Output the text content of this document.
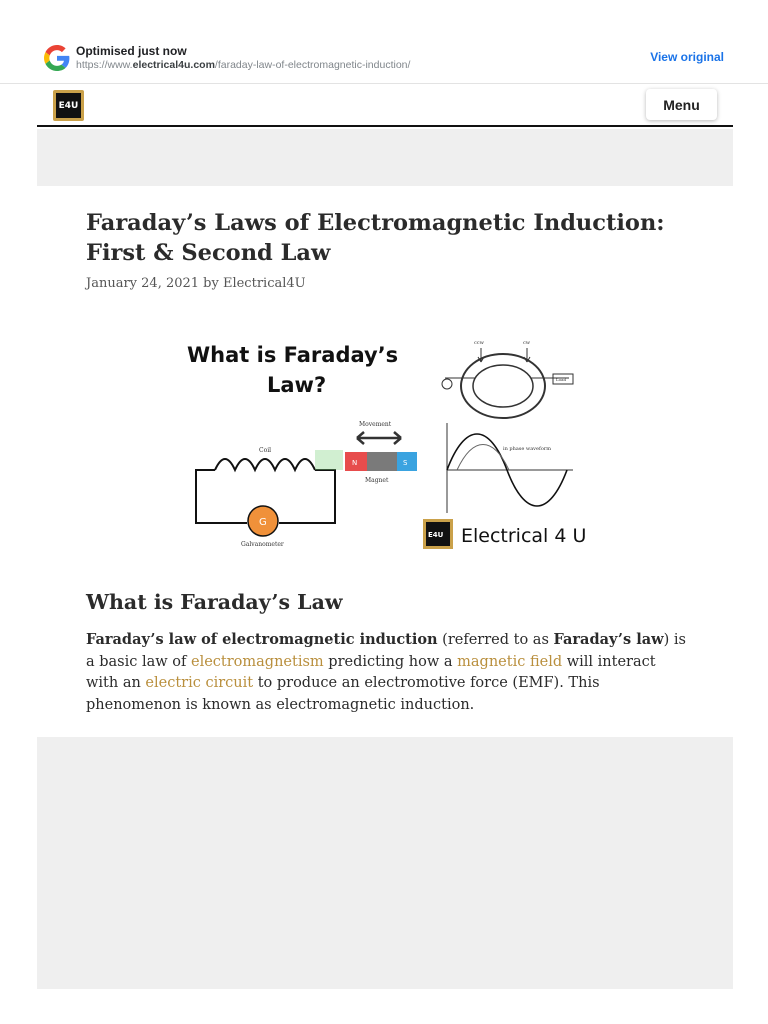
Optimised just now
https://www.electrical4u.com/faraday-law-of-electromagnetic-induction/
View original
E4U	Menu
Faraday’s Laws of Electromagnetic Induction: First & Second Law
January 24, 2021 by Electrical4U
What is Faraday’s
Law?
Coil
G
Galvanometer
Movement
N	S
Magnet
Load
ccw	cw
in phase waveform
E4U Electrical 4 U
What is Faraday’s Law

Faraday’s law of electromagnetic induction (referred to as Faraday’s law) is a basic law of electromagnetism predicting how a magnetic field will interact with an electric circuit to produce an electromotive force (EMF). This phenomenon is known as electromagnetic induction.
